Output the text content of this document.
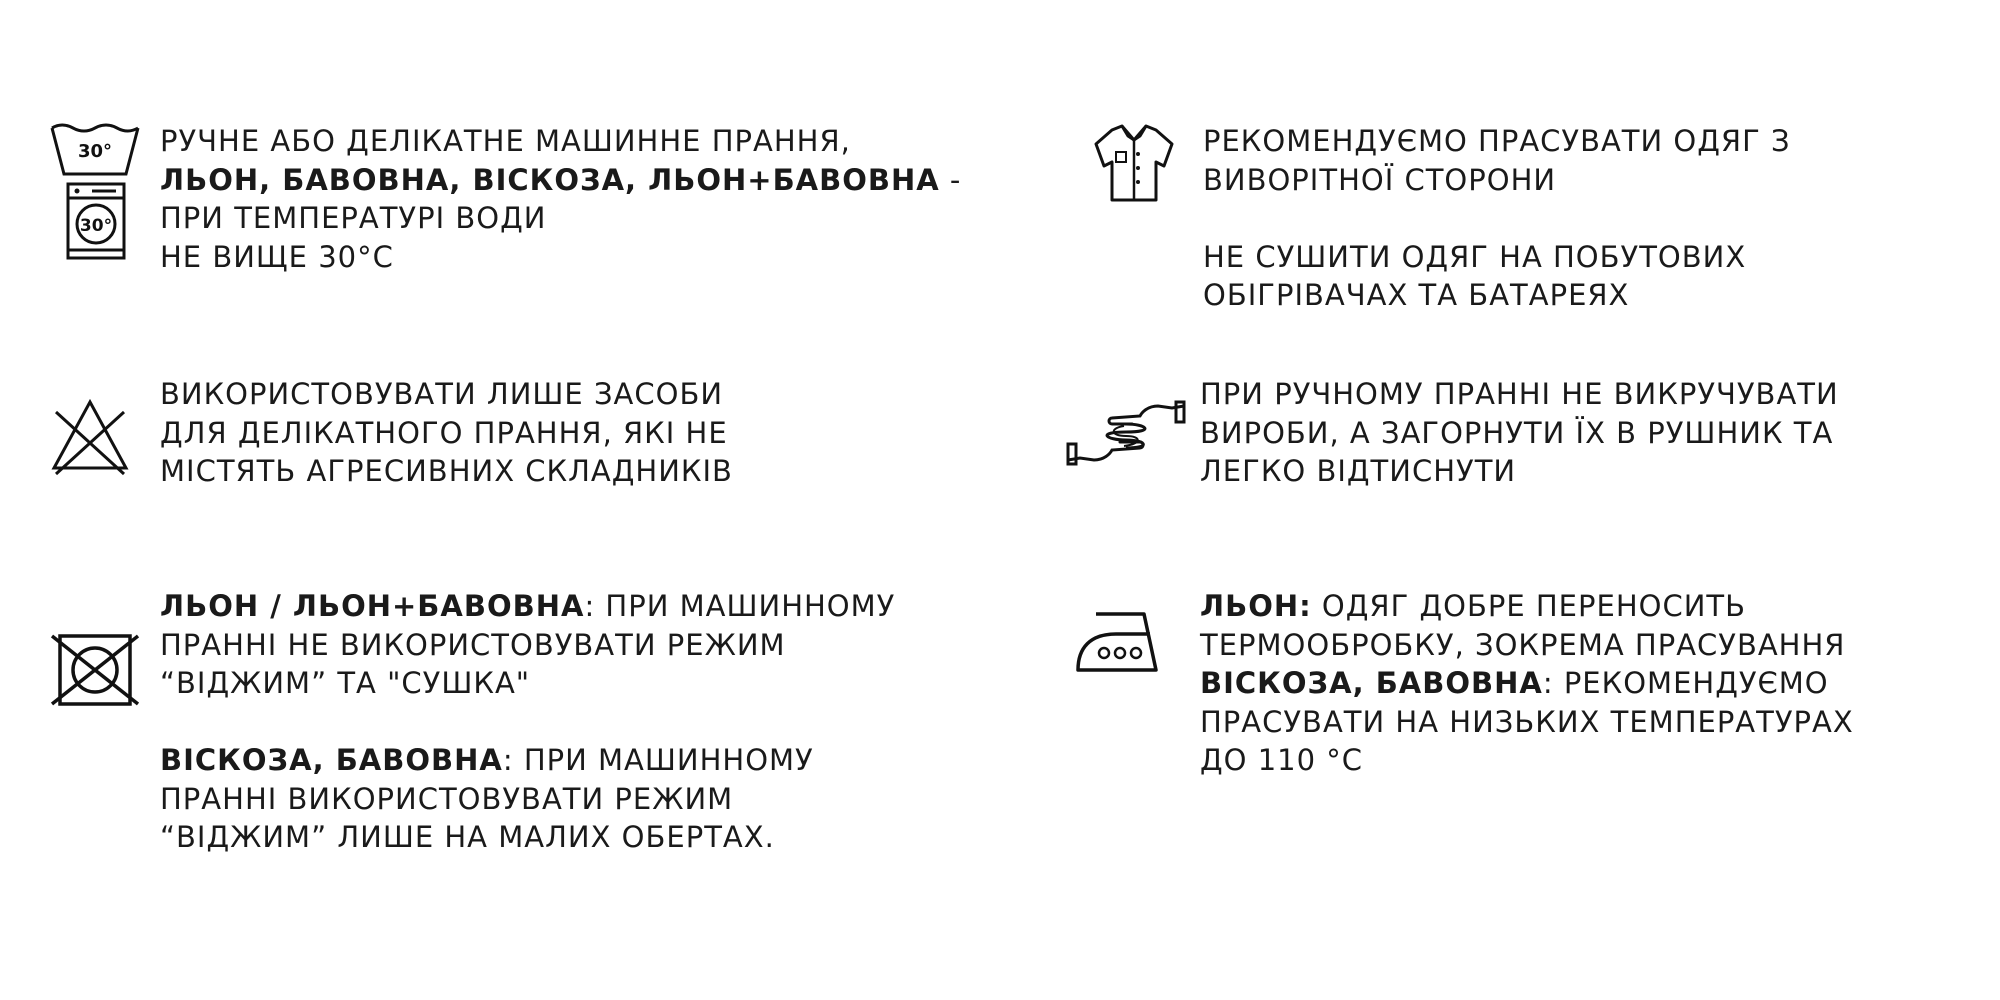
30°
30°
РУЧНЕ АБО ДЕЛІКАТНЕ МАШИННЕ ПРАННЯ,
ЛЬОН, БАВОВНА, ВІСКОЗА, ЛЬОН+БАВОВНА -
ПРИ ТЕМПЕРАТУРІ ВОДИ
НЕ ВИЩЕ 30°С
ВИКОРИСТОВУВАТИ ЛИШЕ ЗАСОБИ
ДЛЯ ДЕЛІКАТНОГО ПРАННЯ, ЯКІ НЕ
МІСТЯТЬ АГРЕСИВНИХ СКЛАДНИКІВ
ЛЬОН / ЛЬОН+БАВОВНА: ПРИ МАШИННОМУ
ПРАННІ НЕ ВИКОРИСТОВУВАТИ РЕЖИМ
“ВІДЖИМ” ТА "СУШКА"
ВІСКОЗА, БАВОВНА: ПРИ МАШИННОМУ
ПРАННІ ВИКОРИСТОВУВАТИ РЕЖИМ
“ВІДЖИМ” ЛИШЕ НА МАЛИХ ОБЕРТАХ.
РЕКОМЕНДУЄМО ПРАСУВАТИ ОДЯГ З
ВИВОРІТНОЇ СТОРОНИ
НЕ СУШИТИ ОДЯГ НА ПОБУТОВИХ
ОБІГРІВАЧАХ ТА БАТАРЕЯХ
ПРИ РУЧНОМУ ПРАННІ НЕ ВИКРУЧУВАТИ
ВИРОБИ, А ЗАГОРНУТИ ЇХ В РУШНИК ТА
ЛЕГКО ВІДТИСНУТИ
ЛЬОН: ОДЯГ ДОБРЕ ПЕРЕНОСИТЬ
ТЕРМООБРОБКУ, ЗОКРЕМА ПРАСУВАННЯ
ВІСКОЗА, БАВОВНА: РЕКОМЕНДУЄМО
ПРАСУВАТИ НА НИЗЬКИХ ТЕМПЕРАТУРАХ
ДО 110 °С
